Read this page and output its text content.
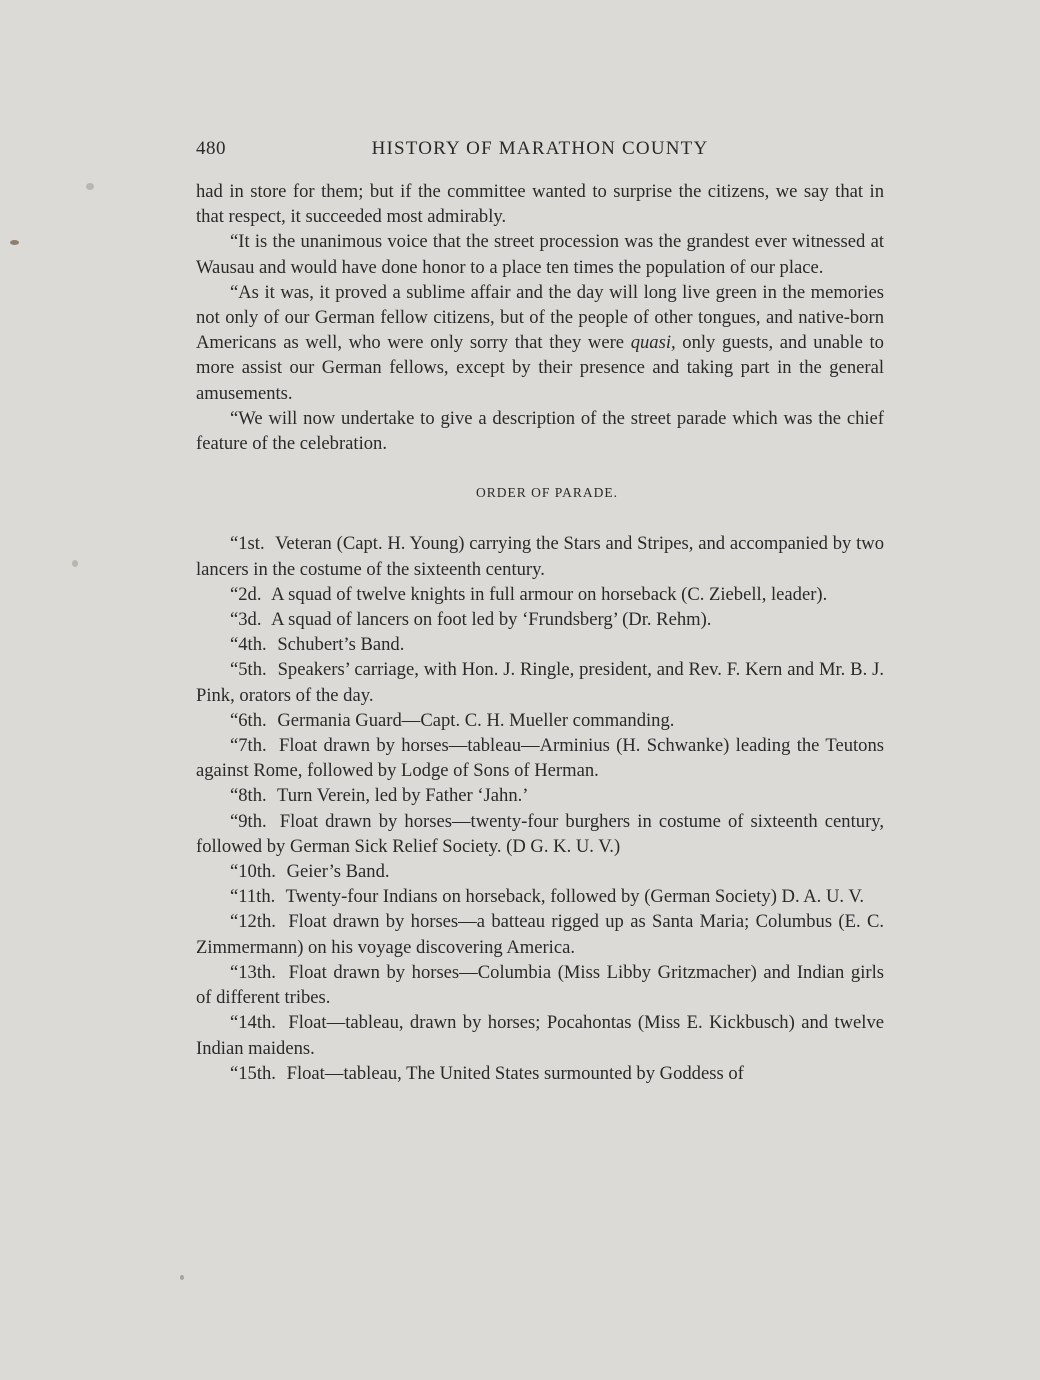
480	HISTORY OF MARATHON COUNTY

had in store for them; but if the committee wanted to surprise the citizens, we say that in that respect, it succeeded most admirably.

“It is the unanimous voice that the street procession was the grandest ever witnessed at Wausau and would have done honor to a place ten times the population of our place.

“As it was, it proved a sublime affair and the day will long live green in the memories not only of our German fellow citizens, but of the people of other tongues, and native-born Americans as well, who were only sorry that they were quasi, only guests, and unable to more assist our German fellows, except by their presence and taking part in the general amusements.

“We will now undertake to give a description of the street parade which was the chief feature of the celebration.

ORDER OF PARADE.

“1st. Veteran (Capt. H. Young) carrying the Stars and Stripes, and accompanied by two lancers in the costume of the sixteenth century.

“2d. A squad of twelve knights in full armour on horseback (C. Ziebell, leader).

“3d. A squad of lancers on foot led by ‘Frundsberg’ (Dr. Rehm).

“4th. Schubert’s Band.

“5th. Speakers’ carriage, with Hon. J. Ringle, president, and Rev. F. Kern and Mr. B. J. Pink, orators of the day.

“6th. Germania Guard—Capt. C. H. Mueller commanding.

“7th. Float drawn by horses—tableau—Arminius (H. Schwanke) leading the Teutons against Rome, followed by Lodge of Sons of Herman.

“8th. Turn Verein, led by Father ‘Jahn.’

“9th. Float drawn by horses—twenty-four burghers in costume of sixteenth century, followed by German Sick Relief Society. (D G. K. U. V.)

“10th. Geier’s Band.

“11th. Twenty-four Indians on horseback, followed by (German Society) D. A. U. V.

“12th. Float drawn by horses—a batteau rigged up as Santa Maria; Columbus (E. C. Zimmermann) on his voyage discovering America.

“13th. Float drawn by horses—Columbia (Miss Libby Gritzmacher) and Indian girls of different tribes.

“14th. Float—tableau, drawn by horses; Pocahontas (Miss E. Kickbusch) and twelve Indian maidens.

“15th. Float—tableau, The United States surmounted by Goddess of
